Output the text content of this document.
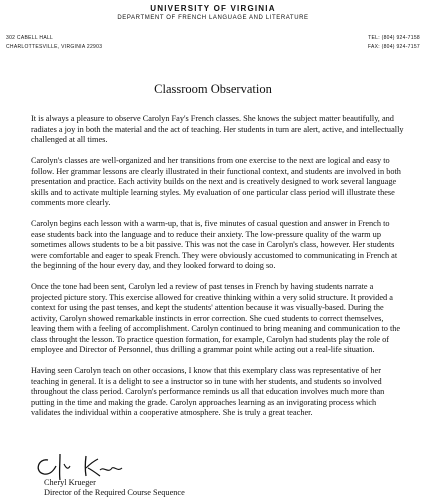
UNIVERSITY OF VIRGINIA
DEPARTMENT OF FRENCH LANGUAGE AND LITERATURE
302 CABELL HALL
CHARLOTTESVILLE, VIRGINIA 22903
TEL: (804) 924-7158
FAX: (804) 924-7157
Classroom Observation

It is always a pleasure to observe Carolyn Fay's French classes. She knows the subject matter beautifully, and radiates a joy in both the material and the act of teaching. Her students in turn are alert, active, and intellectually challenged at all times.

Carolyn's classes are well-organized and her transitions from one exercise to the next are logical and easy to follow. Her grammar lessons are clearly illustrated in their functional context, and students are involved in both presentation and practice. Each activity builds on the next and is creatively designed to work several language skills and to activate multiple learning styles. My evaluation of one particular class period will illustrate these comments more clearly.

Carolyn begins each lesson with a warm-up, that is, five minutes of casual question and answer in French to ease students back into the language and to reduce their anxiety. The low-pressure quality of the warm up sometimes allows students to be a bit passive. This was not the case in Carolyn's class, however. Her students were comfortable and eager to speak French. They were obviously accustomed to communicating in French at the beginning of the hour every day, and they looked forward to doing so.

Once the tone had been sent, Carolyn led a review of past tenses in French by having students narrate a projected picture story. This exercise allowed for creative thinking within a very solid structure. It provided a context for using the past tenses, and kept the students' attention because it was visually-based. During the activity, Carolyn showed remarkable instincts in error correction. She cued students to correct themselves, leaving them with a feeling of accomplishment. Carolyn continued to bring meaning and communication to the class throught the lesson. To practice question formation, for example, Carolyn had students play the role of employee and Director of Personnel, thus drilling a grammar point while acting out a real-life situation.

Having seen Carolyn teach on other occasions, I know that this exemplary class was representative of her teaching in general. It is a delight to see a instructor so in tune with her students, and students so involved throughout the class period. Carolyn's performance reminds us all that education involves much more than putting in the time and making the grade. Carolyn approaches learning as an invigorating process which validates the individual within a cooperative atmosphere. She is truly a great teacher.

Cheryl Krueger
Director of the Required Course Sequence
